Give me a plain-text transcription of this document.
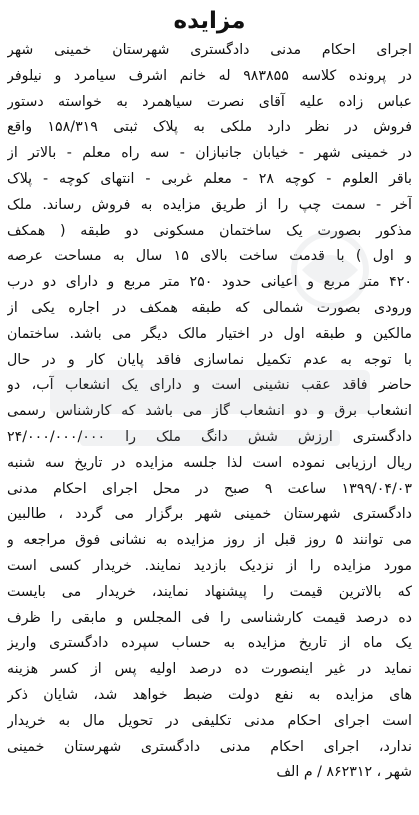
مزایده
اجرای احکام مدنی دادگستری شهرستان خمینی شهر
در پرونده کلاسه ۹۸۳۸۵۵ له خانم اشرف سیامرد و نیلوفر
عباس زاده علیه آقای نصرت سیاهمرد به خواسته دستور
فروش در نظر دارد ملکی به پلاک ثبتی ۱۵۸/۳۱۹ واقع
در خمینی شهر - خیابان جانبازان - سه راه معلم - بالاتر از
باقر العلوم - کوچه ۲۸ - معلم غربی - انتهای کوچه - پلاک
آخر - سمت چپ را از طریق مزایده به فروش رساند. ملک
مذکور بصورت یک ساختمان مسکونی دو طبقه ( همکف
و اول ) با قدمت ساخت بالای ۱۵ سال به مساحت عرصه
۴۲۰ متر مربع و اعیانی حدود ۲۵۰ متر مربع و دارای دو درب
ورودی بصورت شمالی که طبقه همکف در اجاره یکی از
مالکین و طبقه اول در اختیار مالک دیگر می باشد. ساختمان
با توجه به عدم تکمیل نماسازی فاقد پایان کار و در حال
حاضر فاقد عقب نشینی است و دارای یک انشعاب آب، دو
انشعاب برق و دو انشعاب گاز می باشد که کارشناس رسمی
دادگستری ارزش شش دانگ ملک را ۲۴/۰۰۰/۰۰۰/۰۰۰
ریال ارزیابی نموده است لذا جلسه مزایده در تاریخ سه شنبه
۱۳۹۹/۰۴/۰۳ ساعت ۹ صبح در محل اجرای احکام مدنی
دادگستری شهرستان خمینی شهر برگزار می گردد ، طالبین
می توانند ۵ روز قبل از روز مزایده به نشانی فوق مراجعه و
مورد مزایده را از نزدیک بازدید نمایند. خریدار کسی است
که بالاترین قیمت را پیشنهاد نمایند، خریدار می بایست
ده درصد قیمت کارشناسی را فی المجلس و مابقی را ظرف
یک ماه از تاریخ مزایده به حساب سپرده دادگستری واریز
نماید در غیر اینصورت ده درصد اولیه پس از کسر هزینه
های مزایده به نفع دولت ضبط خواهد شد، شایان ذکر
است اجرای احکام مدنی تکلیفی در تحویل مال به خریدار
ندارد، اجرای احکام مدنی دادگستری شهرستان خمینی
شهر ، ۸۶۲۳۱۲ / م الف
